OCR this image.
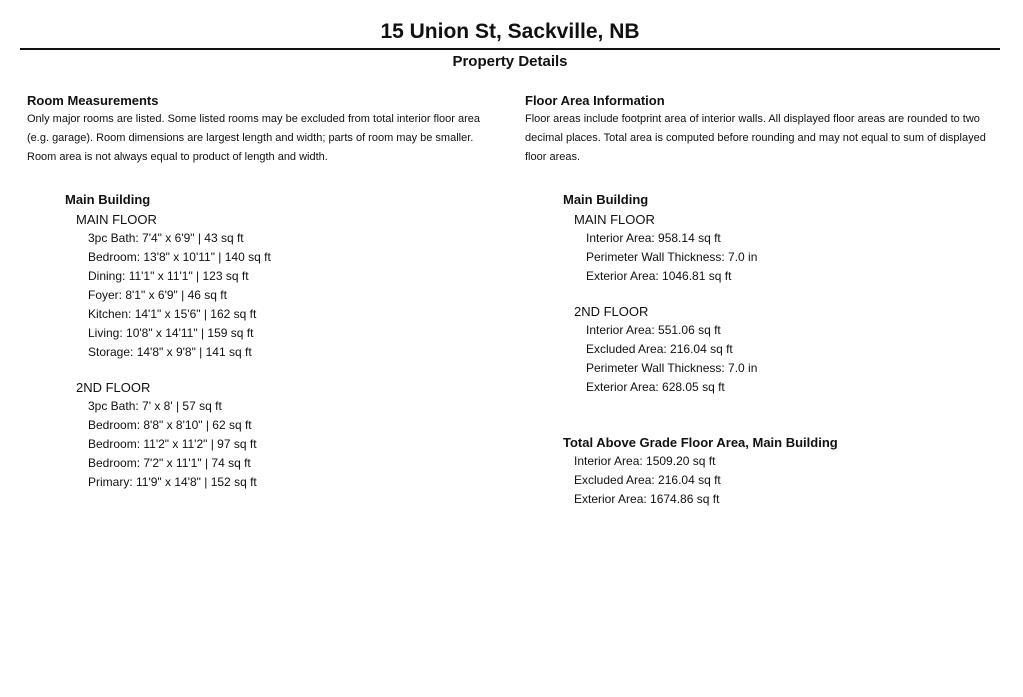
15 Union St, Sackville, NB
Property Details
Room Measurements
Only major rooms are listed. Some listed rooms may be excluded from total interior floor area (e.g. garage). Room dimensions are largest length and width; parts of room may be smaller. Room area is not always equal to product of length and width.
Main Building
MAIN FLOOR
3pc Bath: 7'4" x 6'9" | 43 sq ft
Bedroom: 13'8" x 10'11" | 140 sq ft
Dining: 11'1" x 11'1" | 123 sq ft
Foyer: 8'1" x 6'9" | 46 sq ft
Kitchen: 14'1" x 15'6" | 162 sq ft
Living: 10'8" x 14'11" | 159 sq ft
Storage: 14'8" x 9'8" | 141 sq ft
2ND FLOOR
3pc Bath: 7' x 8' | 57 sq ft
Bedroom: 8'8" x 8'10" | 62 sq ft
Bedroom: 11'2" x 11'2" | 97 sq ft
Bedroom: 7'2" x 11'1" | 74 sq ft
Primary: 11'9" x 14'8" | 152 sq ft
Floor Area Information
Floor areas include footprint area of interior walls. All displayed floor areas are rounded to two decimal places. Total area is computed before rounding and may not equal to sum of displayed floor areas.
Main Building
MAIN FLOOR
Interior Area: 958.14 sq ft
Perimeter Wall Thickness: 7.0 in
Exterior Area: 1046.81 sq ft
2ND FLOOR
Interior Area: 551.06 sq ft
Excluded Area: 216.04 sq ft
Perimeter Wall Thickness: 7.0 in
Exterior Area: 628.05 sq ft
Total Above Grade Floor Area, Main Building
Interior Area: 1509.20 sq ft
Excluded Area: 216.04 sq ft
Exterior Area: 1674.86 sq ft
